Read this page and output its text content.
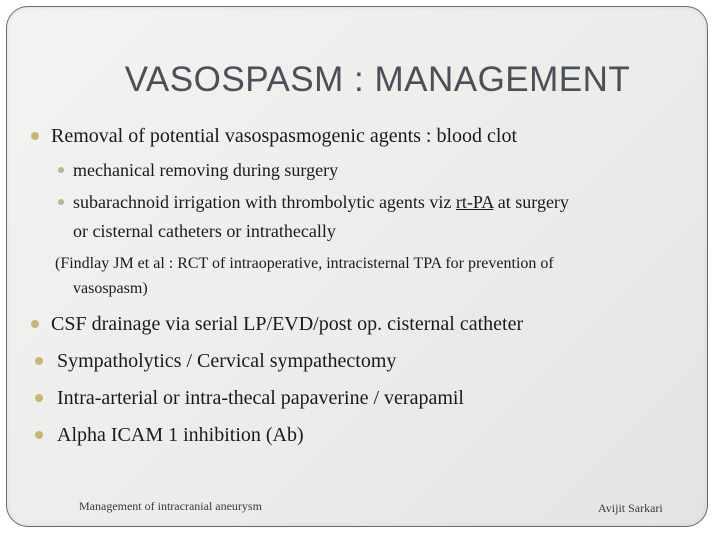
VASOSPASM : MANAGEMENT
Removal of potential vasospasmogenic agents : blood clot
mechanical removing during surgery
subarachnoid irrigation with thrombolytic agents viz rt-PA at surgery
or cisternal catheters or intrathecally
(Findlay JM et al : RCT of intraoperative, intracisternal TPA for prevention of
vasospasm)
CSF drainage via serial LP/EVD/post op. cisternal catheter
Sympatholytics / Cervical sympathectomy
Intra-arterial or intra-thecal papaverine / verapamil
Alpha ICAM 1 inhibition (Ab)
Management of intracranial aneurysm	Avijit Sarkari
